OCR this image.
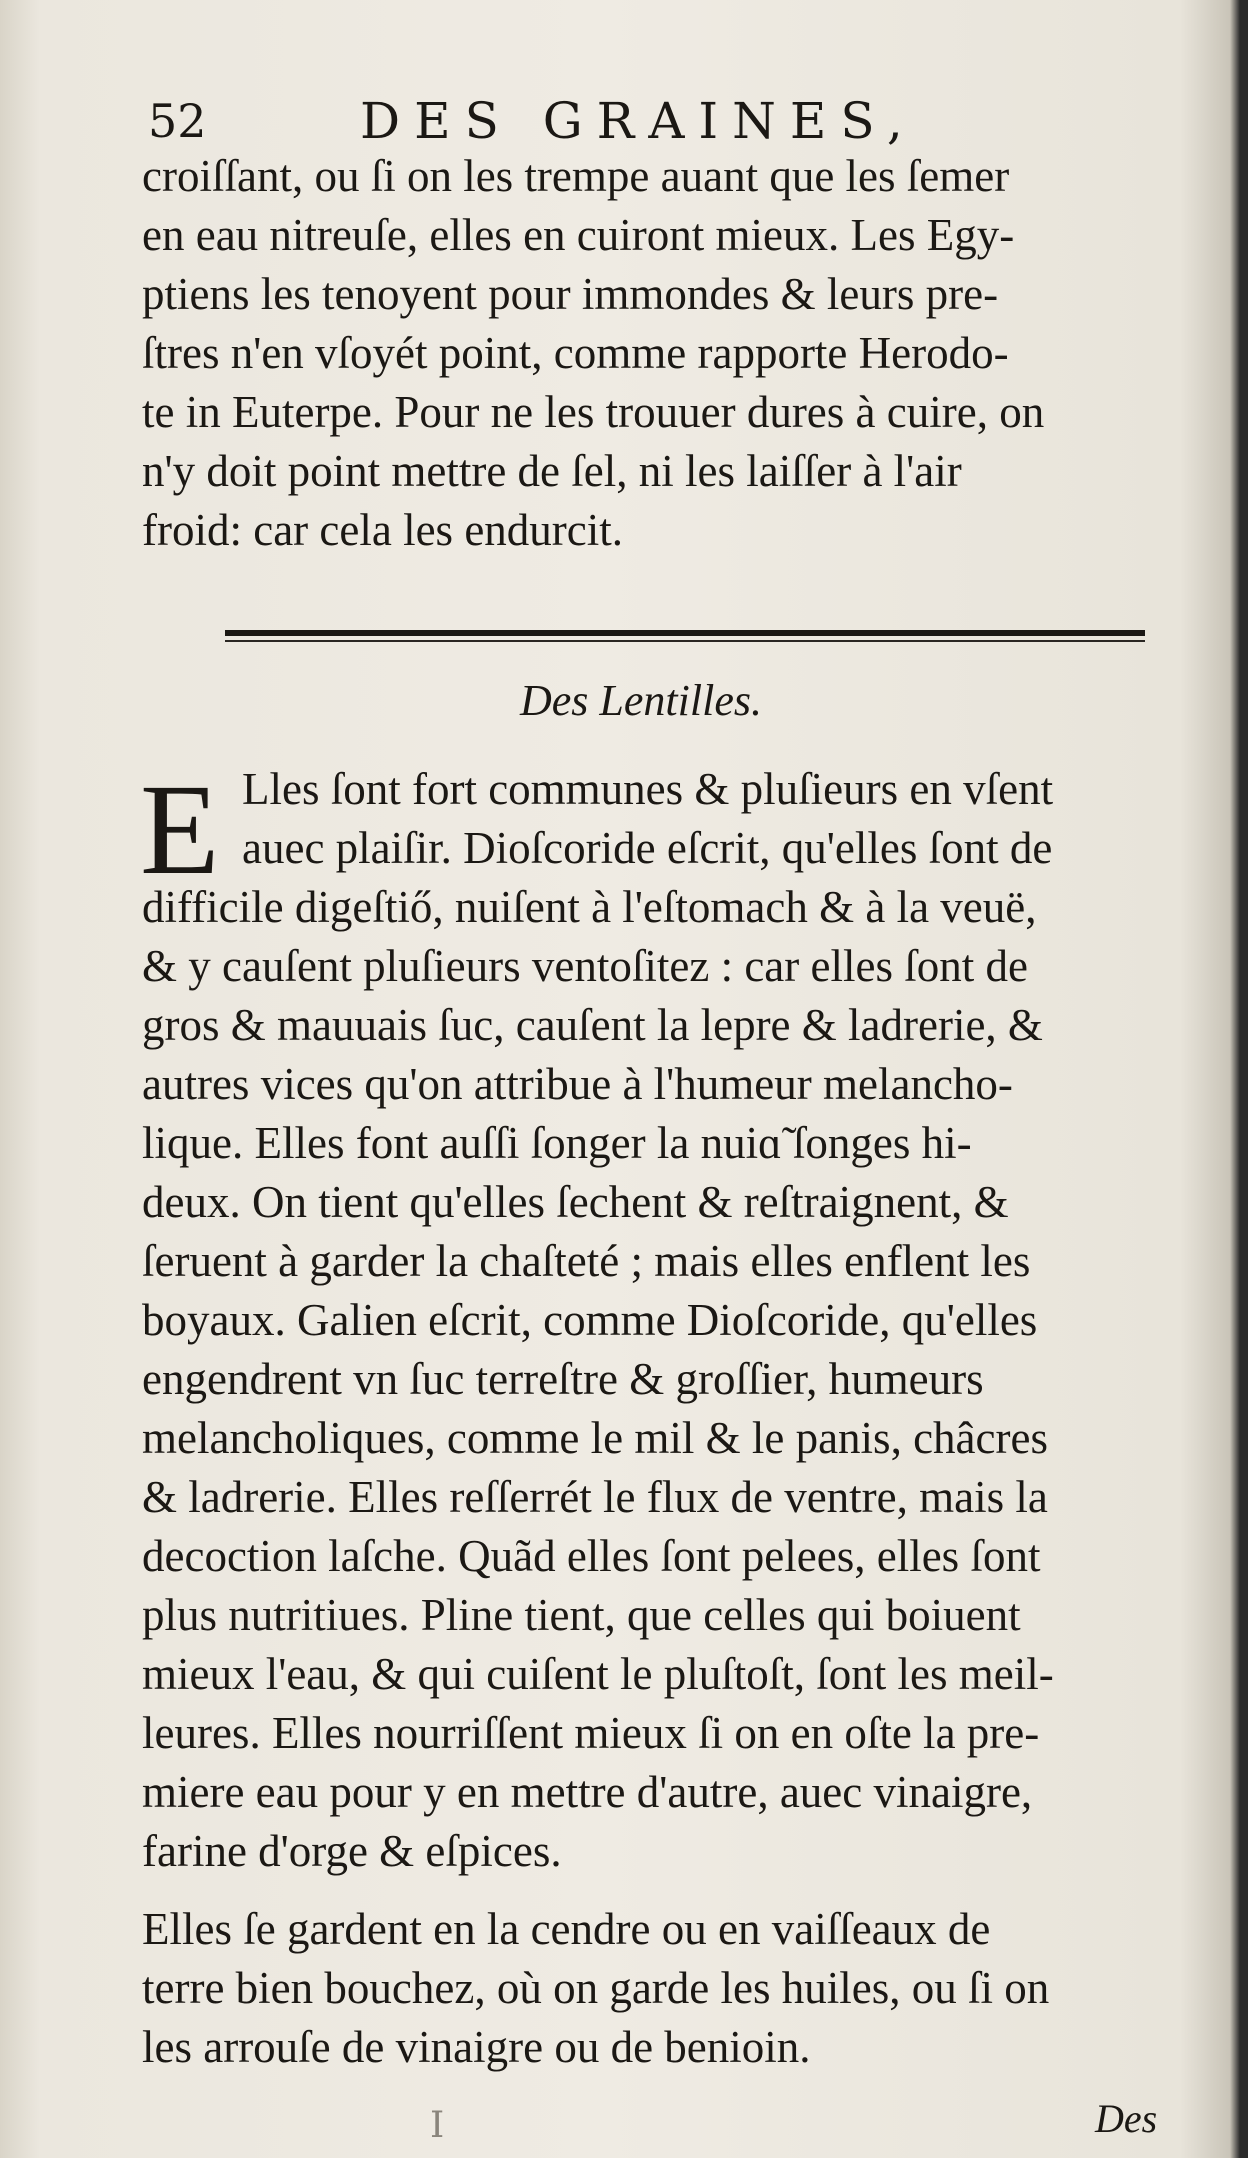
52	DES GRAINES,
croiſſant, ou ſi on les trempe auant que les ſemer
en eau nitreuſe, elles en cuiront mieux. Les Egy-
ptiens les tenoyent pour immondes & leurs pre-
ſtres n'en vſoyét point, comme rapporte Herodo-
te in Euterpe. Pour ne les trouuer dures à cuire, on
n'y doit point mettre de ſel, ni les laiſſer à l'air
froid: car cela les endurcit.
Des Lentilles.
E Lles ſont fort communes & pluſieurs en vſent
auec plaiſir. Dioſcoride eſcrit, qu'elles ſont de
difficile digeſtiő, nuiſent à l'eſtomach & à la veuë,
& y cauſent pluſieurs ventoſitez : car elles ſont de
gros & mauuais ſuc, cauſent la lepre & ladrerie, &
autres vices qu'on attribue à l'humeur melancho-
lique. Elles font auſſi ſonger la nuiɑ̃ ſonges hi-
deux. On tient qu'elles ſechent & reſtraignent, &
ſeruent à garder la chaſteté ; mais elles enflent les
boyaux. Galien eſcrit, comme Dioſcoride, qu'elles
engendrent vn ſuc terreſtre & groſſier, humeurs
melancholiques, comme le mil & le panis, châcres
& ladrerie. Elles reſſerrét le flux de ventre, mais la
decoction laſche. Quãd elles ſont pelees, elles ſont
plus nutritiues. Pline tient, que celles qui boiuent
mieux l'eau, & qui cuiſent le pluſtoſt, ſont les meil-
leures. Elles nourriſſent mieux ſi on en oſte la pre-
miere eau pour y en mettre d'autre, auec vinaigre,
farine d'orge & eſpices.
Elles ſe gardent en la cendre ou en vaiſſeaux de
terre bien bouchez, où on garde les huiles, ou ſi on
les arrouſe de vinaigre ou de benioin.
I	Des
